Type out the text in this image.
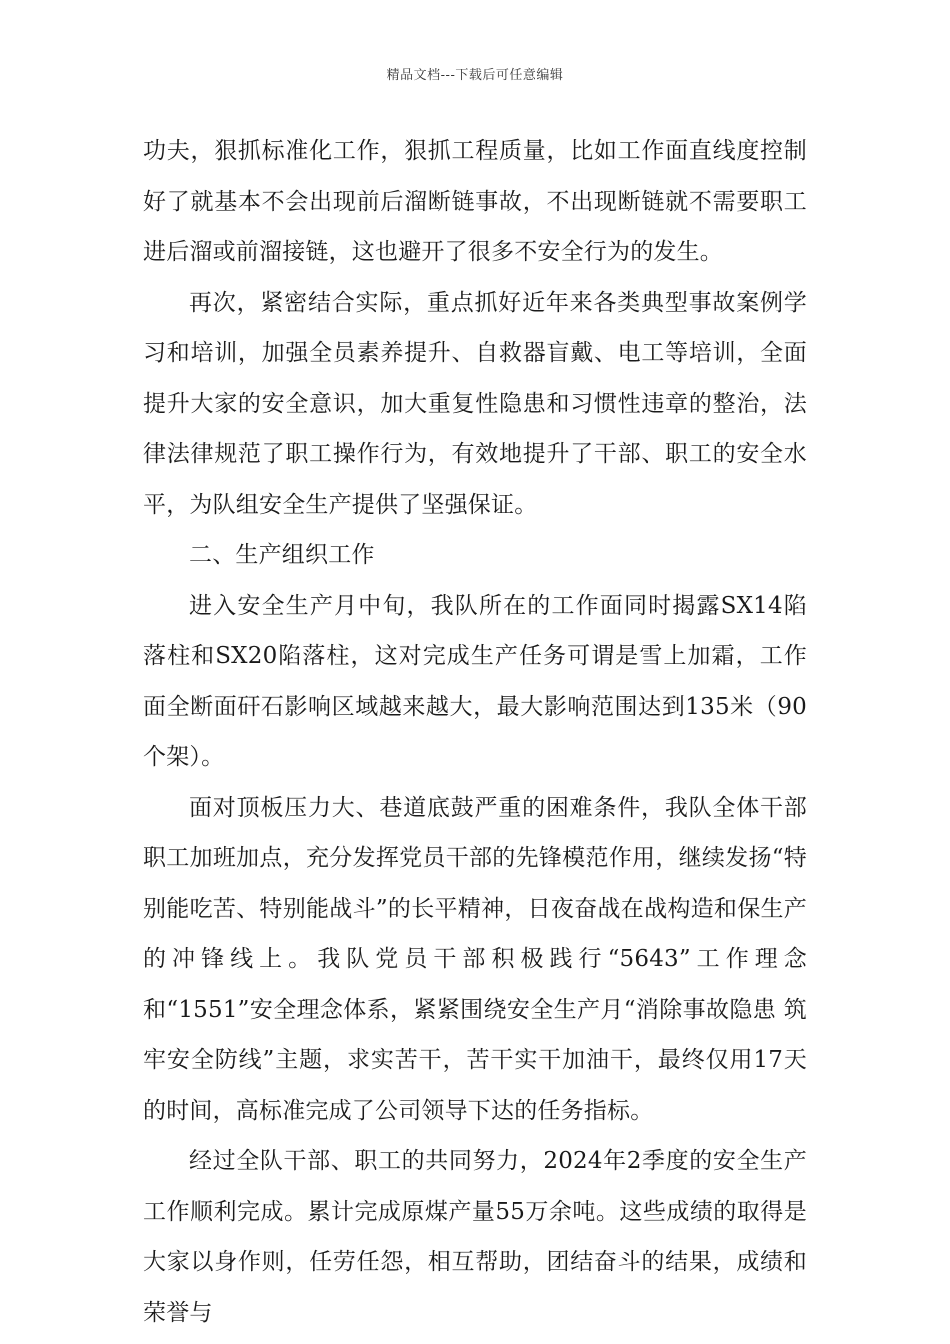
精品文档---下载后可任意编辑

功夫，狠抓标准化工作，狠抓工程质量，比如工作面直线度控制好了就基本不会出现前后溜断链事故，不出现断链就不需要职工进后溜或前溜接链，这也避开了很多不安全行为的发生。

再次，紧密结合实际，重点抓好近年来各类典型事故案例学习和培训，加强全员素养提升、自救器盲戴、电工等培训，全面提升大家的安全意识，加大重复性隐患和习惯性违章的整治，法律法律规范了职工操作行为，有效地提升了干部、职工的安全水平，为队组安全生产提供了坚强保证。

二、生产组织工作

进入安全生产月中旬，我队所在的工作面同时揭露SX14陷落柱和SX20陷落柱，这对完成生产任务可谓是雪上加霜，工作面全断面矸石影响区域越来越大，最大影响范围达到135米（90个架）。

面对顶板压力大、巷道底鼓严重的困难条件，我队全体干部职工加班加点，充分发挥党员干部的先锋模范作用，继续发扬“特别能吃苦、特别能战斗”的长平精神，日夜奋战在战构造和保生产的冲锋线上。我队党员干部积极践行“5643”工作理念和“1551”安全理念体系，紧紧围绕安全生产月“消除事故隐患 筑牢安全防线”主题，求实苦干，苦干实干加油干，最终仅用17天的时间，高标准完成了公司领导下达的任务指标。

经过全队干部、职工的共同努力，2024年2季度的安全生产工作顺利完成。累计完成原煤产量55万余吨。这些成绩的取得是大家以身作则，任劳任怨，相互帮助，团结奋斗的结果，成绩和荣誉与
